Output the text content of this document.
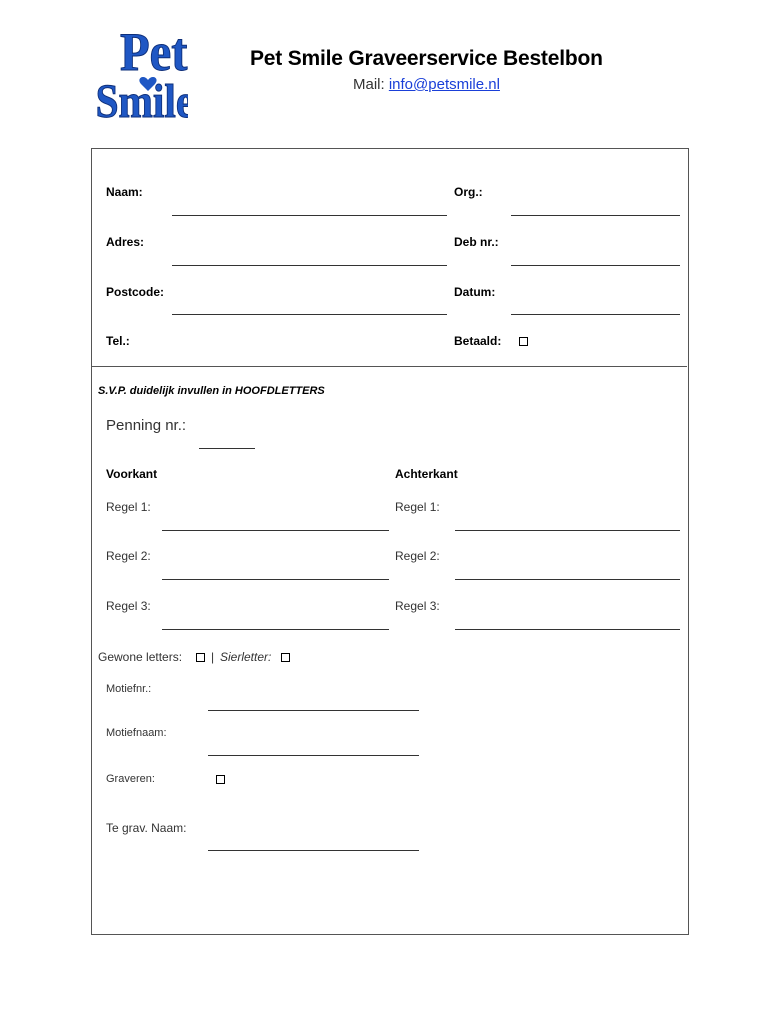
Pet
Smile
Pet Smile Graveerservice Bestelbon
Mail: info@petsmile.nl
Naam:	Org.:
Adres:	Deb nr.:
Postcode:	Datum:
Tel.:	Betaald:
S.V.P. duidelijk invullen in HOOFDLETTERS
Penning nr.:
Voorkant	Achterkant
Regel 1:	Regel 1:
Regel 2:	Regel 2:
Regel 3:	Regel 3:
Gewone letters: | Sierletter:
Motiefnr.:
Motiefnaam:
Graveren:
Te grav. Naam:
